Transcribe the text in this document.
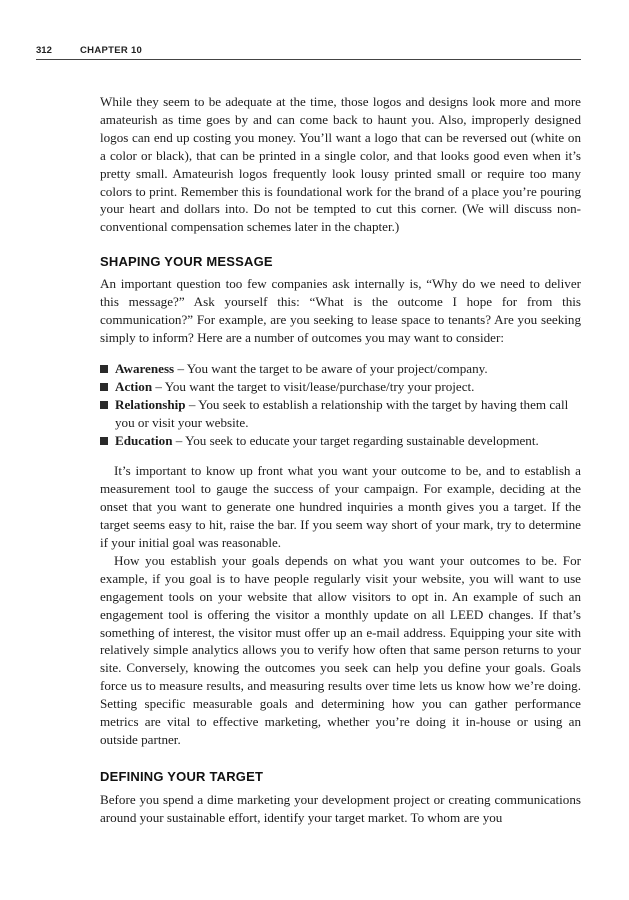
312	CHAPTER 10

While they seem to be adequate at the time, those logos and designs look more and more amateurish as time goes by and can come back to haunt you. Also, improperly designed logos can end up costing you money. You’ll want a logo that can be reversed out (white on a color or black), that can be printed in a single color, and that looks good even when it’s pretty small. Amateurish logos frequently look lousy printed small or require too many colors to print. Remember this is foundational work for the brand of a place you’re pouring your heart and dollars into. Do not be tempted to cut this corner. (We will discuss non-conventional compensation schemes later in the chapter.)

SHAPING YOUR MESSAGE

An important question too few companies ask internally is, “Why do we need to deliver this message?” Ask yourself this: “What is the outcome I hope for from this communication?” For example, are you seeking to lease space to tenants? Are you seeking simply to inform? Here are a number of outcomes you may want to consider:

Awareness – You want the target to be aware of your project/company.
Action – You want the target to visit/lease/purchase/try your project.
Relationship – You seek to establish a relationship with the target by having them call you or visit your website.
Education – You seek to educate your target regarding sustainable development.

It’s important to know up front what you want your outcome to be, and to establish a measurement tool to gauge the success of your campaign. For example, deciding at the onset that you want to generate one hundred inquiries a month gives you a target. If the target seems easy to hit, raise the bar. If you seem way short of your mark, try to determine if your initial goal was reasonable.

How you establish your goals depends on what you want your outcomes to be. For example, if you goal is to have people regularly visit your website, you will want to use engagement tools on your website that allow visitors to opt in. An example of such an engagement tool is offering the visitor a monthly update on all LEED changes. If that’s something of interest, the visitor must offer up an e-mail address. Equipping your site with relatively simple analytics allows you to verify how often that same person returns to your site. Conversely, knowing the outcomes you seek can help you define your goals. Goals force us to measure results, and measuring results over time lets us know how we’re doing. Setting specific measurable goals and determining how you can gather performance metrics are vital to effective marketing, whether you’re doing it in-house or using an outside partner.

DEFINING YOUR TARGET

Before you spend a dime marketing your development project or creating communications around your sustainable effort, identify your target market. To whom are you
